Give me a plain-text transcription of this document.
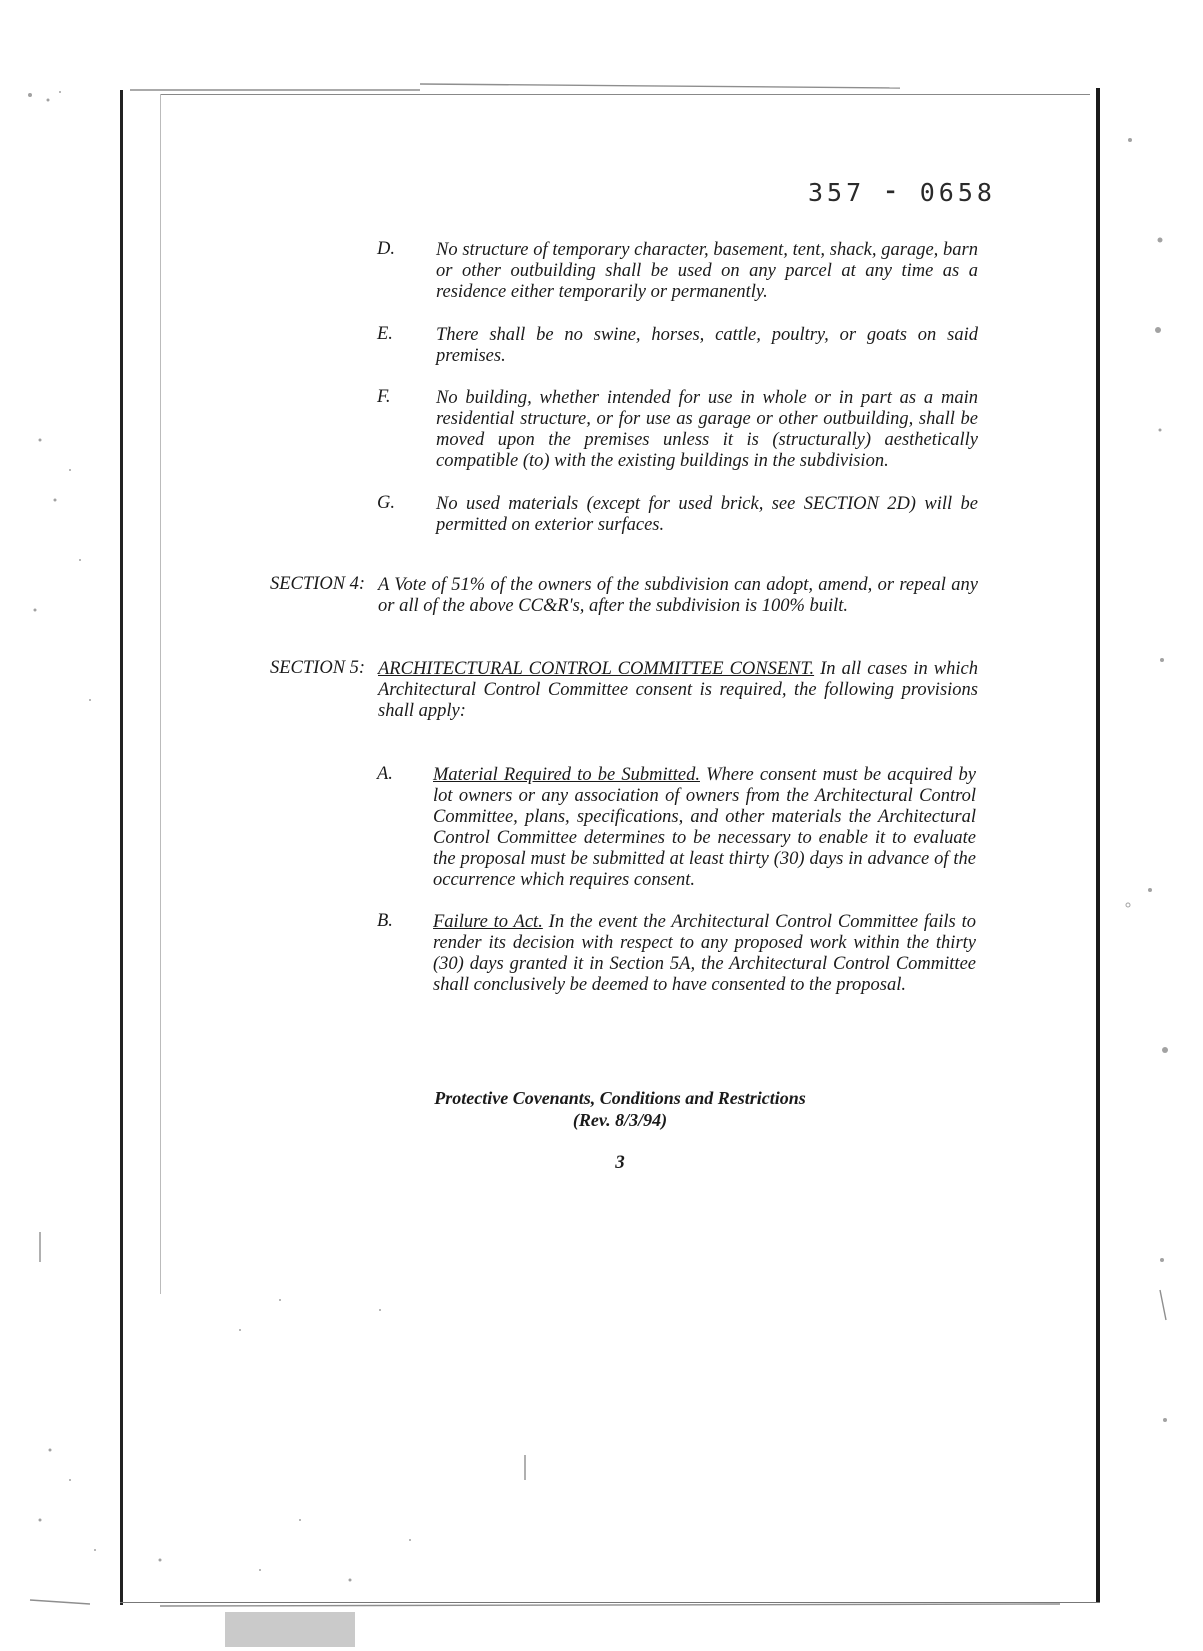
357 ⁃ 0658
D. No structure of temporary character, basement, tent, shack, garage, barn or other outbuilding shall be used on any parcel at any time as a residence either temporarily or permanently.
E. There shall be no swine, horses, cattle, poultry, or goats on said premises.
F. No building, whether intended for use in whole or in part as a main residential structure, or for use as garage or other outbuilding, shall be moved upon the premises unless it is (structurally) aesthetically compatible (to) with the existing buildings in the subdivision.
G. No used materials (except for used brick, see SECTION 2D) will be permitted on exterior surfaces.
SECTION 4: A Vote of 51% of the owners of the subdivision can adopt, amend, or repeal any or all of the above CC&R's, after the subdivision is 100% built.
SECTION 5: ARCHITECTURAL CONTROL COMMITTEE CONSENT. In all cases in which Architectural Control Committee consent is required, the following provisions shall apply:
A. Material Required to be Submitted. Where consent must be acquired by lot owners or any association of owners from the Architectural Control Committee, plans, specifications, and other materials the Architectural Control Committee determines to be necessary to enable it to evaluate the proposal must be submitted at least thirty (30) days in advance of the occurrence which requires consent.
B. Failure to Act. In the event the Architectural Control Committee fails to render its decision with respect to any proposed work within the thirty (30) days granted it in Section 5A, the Architectural Control Committee shall conclusively be deemed to have consented to the proposal.
Protective Covenants, Conditions and Restrictions
(Rev. 8/3/94)
3
